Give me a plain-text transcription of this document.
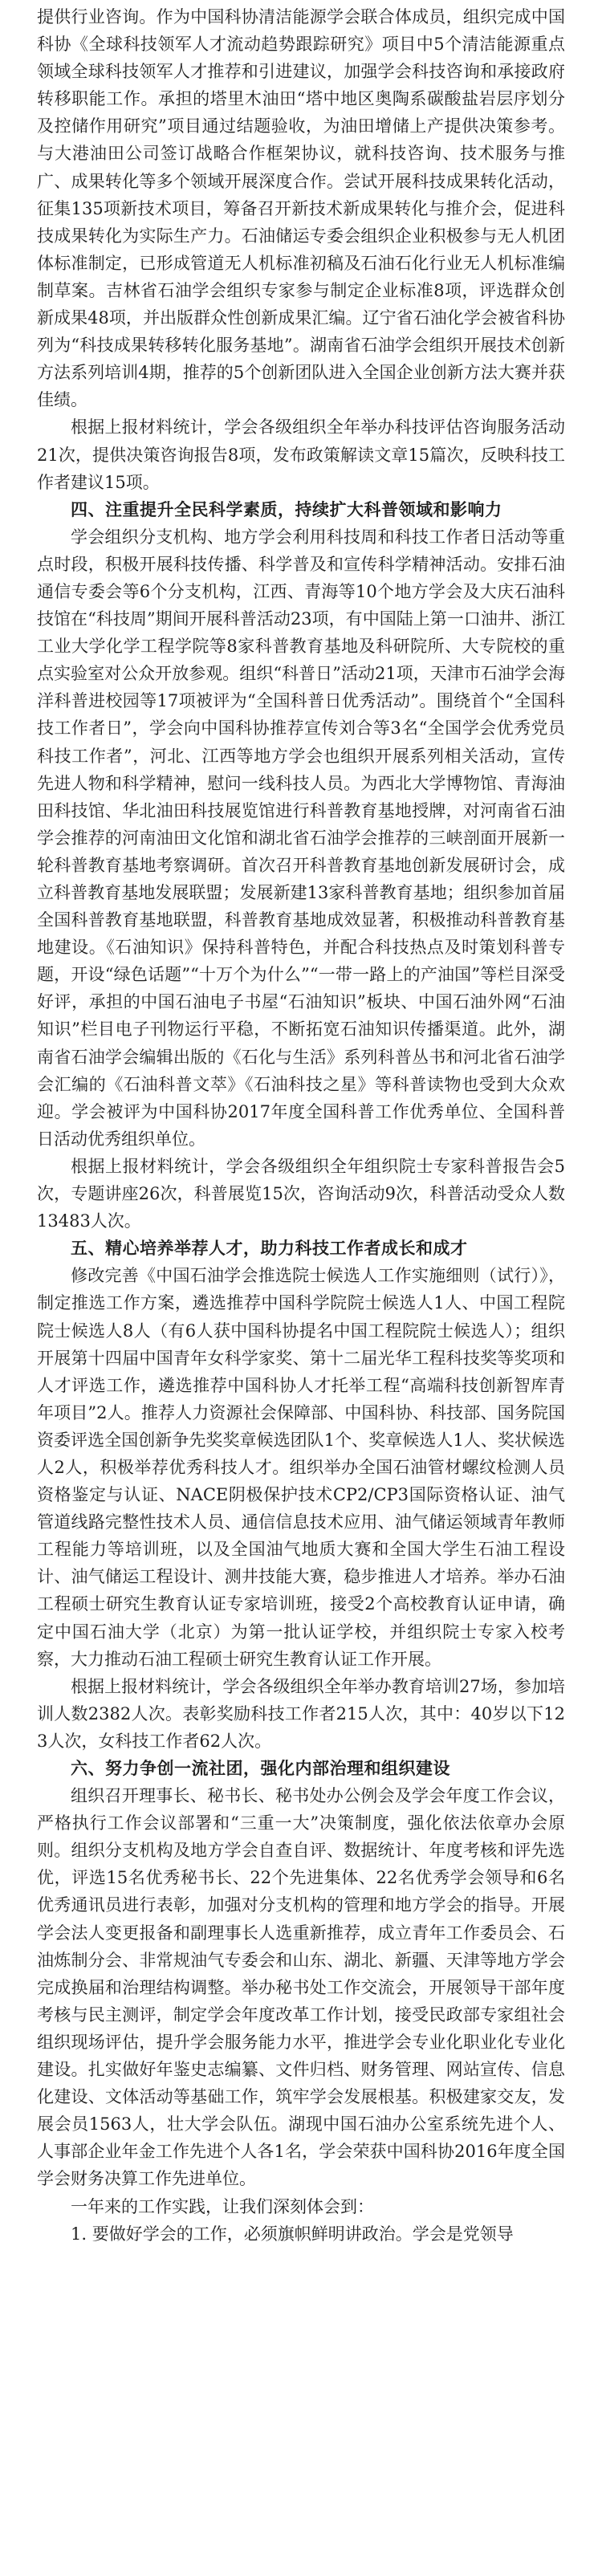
提供行业咨询。作为中国科协清洁能源学会联合体成员，组织完成中国科协《全球科技领军人才流动趋势跟踪研究》项目中5个清洁能源重点领域全球科技领军人才推荐和引进建议，加强学会科技咨询和承接政府转移职能工作。承担的塔里木油田“塔中地区奥陶系碳酸盐岩层序划分及控储作用研究”项目通过结题验收，为油田增储上产提供决策参考。与大港油田公司签订战略合作框架协议，就科技咨询、技术服务与推广、成果转化等多个领域开展深度合作。尝试开展科技成果转化活动，征集135项新技术项目，筹备召开新技术新成果转化与推介会，促进科技成果转化为实际生产力。石油储运专委会组织企业积极参与无人机团体标准制定，已形成管道无人机标准初稿及石油石化行业无人机标准编制草案。吉林省石油学会组织专家参与制定企业标准8项，评选群众创新成果48项，并出版群众性创新成果汇编。辽宁省石油化学会被省科协列为“科技成果转移转化服务基地”。湖南省石油学会组织开展技术创新方法系列培训4期，推荐的5个创新团队进入全国企业创新方法大赛并获佳绩。

根据上报材料统计，学会各级组织全年举办科技评估咨询服务活动21次，提供决策咨询报告8项，发布政策解读文章15篇次，反映科技工作者建议15项。

四、注重提升全民科学素质，持续扩大科普领域和影响力

学会组织分支机构、地方学会利用科技周和科技工作者日活动等重点时段，积极开展科技传播、科学普及和宣传科学精神活动。安排石油通信专委会等6个分支机构，江西、青海等10个地方学会及大庆石油科技馆在“科技周”期间开展科普活动23项，有中国陆上第一口油井、浙江工业大学化学工程学院等8家科普教育基地及科研院所、大专院校的重点实验室对公众开放参观。组织“科普日”活动21项，天津市石油学会海洋科普进校园等17项被评为“全国科普日优秀活动”。围绕首个“全国科技工作者日”，学会向中国科协推荐宣传刘合等3名“全国学会优秀党员科技工作者”，河北、江西等地方学会也组织开展系列相关活动，宣传先进人物和科学精神，慰问一线科技人员。为西北大学博物馆、青海油田科技馆、华北油田科技展览馆进行科普教育基地授牌，对河南省石油学会推荐的河南油田文化馆和湖北省石油学会推荐的三峡剖面开展新一轮科普教育基地考察调研。首次召开科普教育基地创新发展研讨会，成立科普教育基地发展联盟；发展新建13家科普教育基地；组织参加首届全国科普教育基地联盟，科普教育基地成效显著，积极推动科普教育基地建设。《石油知识》保持科普特色，并配合科技热点及时策划科普专题，开设“绿色话题”“十万个为什么”“一带一路上的产油国”等栏目深受好评，承担的中国石油电子书屋“石油知识”板块、中国石油外网“石油知识”栏目电子刊物运行平稳，不断拓宽石油知识传播渠道。此外，湖南省石油学会编辑出版的《石化与生活》系列科普丛书和河北省石油学会汇编的《石油科普文萃》《石油科技之星》等科普读物也受到大众欢迎。学会被评为中国科协2017年度全国科普工作优秀单位、全国科普日活动优秀组织单位。

根据上报材料统计，学会各级组织全年组织院士专家科普报告会5次，专题讲座26次，科普展览15次，咨询活动9次，科普活动受众人数13483人次。

五、精心培养举荐人才，助力科技工作者成长和成才

修改完善《中国石油学会推选院士候选人工作实施细则（试行）》，制定推选工作方案，遴选推荐中国科学院院士候选人1人、中国工程院院士候选人8人（有6人获中国科协提名中国工程院院士候选人）；组织开展第十四届中国青年女科学家奖、第十二届光华工程科技奖等奖项和人才评选工作，遴选推荐中国科协人才托举工程“高端科技创新智库青年项目”2人。推荐人力资源社会保障部、中国科协、科技部、国务院国资委评选全国创新争先奖奖章候选团队1个、奖章候选人1人、奖状候选人2人，积极举荐优秀科技人才。组织举办全国石油管材螺纹检测人员资格鉴定与认证、NACE阴极保护技术CP2/CP3国际资格认证、油气管道线路完整性技术人员、通信信息技术应用、油气储运领域青年教师工程能力等培训班，以及全国油气地质大赛和全国大学生石油工程设计、油气储运工程设计、测井技能大赛，稳步推进人才培养。举办石油工程硕士研究生教育认证专家培训班，接受2个高校教育认证申请，确定中国石油大学（北京）为第一批认证学校，并组织院士专家入校考察，大力推动石油工程硕士研究生教育认证工作开展。

根据上报材料统计，学会各级组织全年举办教育培训27场，参加培训人数2382人次。表彰奖励科技工作者215人次，其中：40岁以下123人次，女科技工作者62人次。

六、努力争创一流社团，强化内部治理和组织建设

组织召开理事长、秘书长、秘书处办公例会及学会年度工作会议，严格执行工作会议部署和“三重一大”决策制度，强化依法依章办会原则。组织分支机构及地方学会自查自评、数据统计、年度考核和评先选优，评选15名优秀秘书长、22个先进集体、22名优秀学会领导和6名优秀通讯员进行表彰，加强对分支机构的管理和地方学会的指导。开展学会法人变更报备和副理事长人选重新推荐，成立青年工作委员会、石油炼制分会、非常规油气专委会和山东、湖北、新疆、天津等地方学会完成换届和治理结构调整。举办秘书处工作交流会，开展领导干部年度考核与民主测评，制定学会年度改革工作计划，接受民政部专家组社会组织现场评估，提升学会服务能力水平，推进学会专业化职业化专业化建设。扎实做好年鉴史志编纂、文件归档、财务管理、网站宣传、信息化建设、文体活动等基础工作，筑牢学会发展根基。积极建家交友，发展会员1563人，壮大学会队伍。湖现中国石油办公室系统先进个人、人事部企业年金工作先进个人各1名，学会荣获中国科协2016年度全国学会财务决算工作先进单位。

一年来的工作实践，让我们深刻体会到：

1. 要做好学会的工作，必须旗帜鲜明讲政治。学会是党领导
